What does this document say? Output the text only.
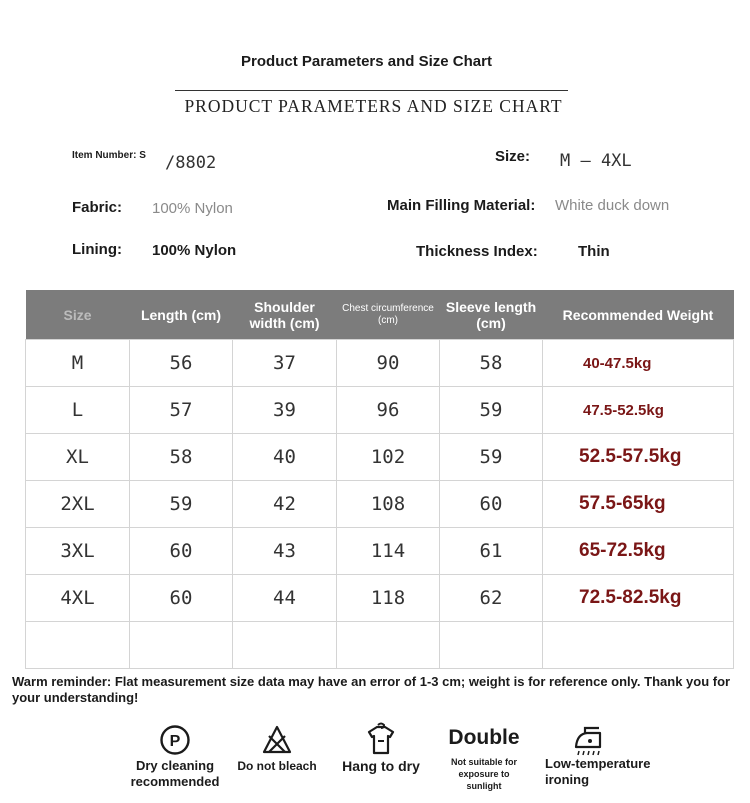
Product Parameters and Size Chart
PRODUCT PARAMETERS AND SIZE CHART
Item Number: S /8802	Size: M – 4XL
Fabric: 100% Nylon	Main Filling Material: White duck down
Lining: 100% Nylon	Thickness Index:	Thin
Size	Length (cm)	Shoulder width (cm)	Chest circumference (cm)	Sleeve length (cm)	Recommended Weight
M	56	37	90	58	40-47.5kg
L	57	39	96	59	47.5-52.5kg
XL	58	40	102	59	52.5-57.5kg
2XL	59	42	108	60	57.5-65kg
3XL	60	43	114	61	65-72.5kg
4XL	60	44	118	62	72.5-82.5kg

Warm reminder: Flat measurement size data may have an error of 1-3 cm; weight is for reference only. Thank you for your understanding!
P
Dry cleaning recommended
Do not bleach	Hang to dry
Double
Not suitable for exposure to sunlight
Low-temperature ironing
